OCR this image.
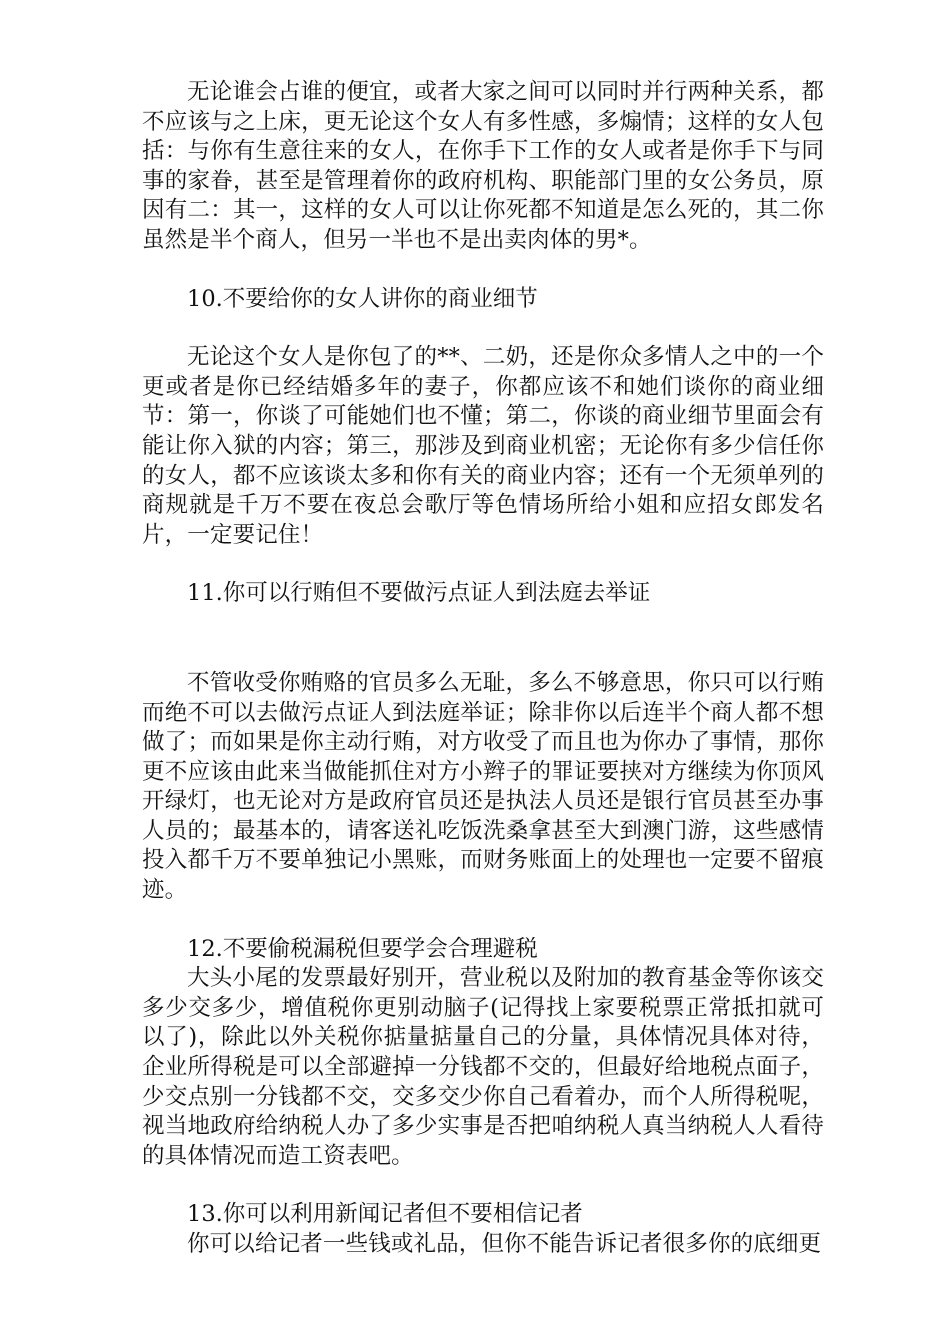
无论谁会占谁的便宜，或者大家之间可以同时并行两种关系，都不应该与之上床，更无论这个女人有多性感，多煽情；这样的女人包括：与你有生意往来的女人，在你手下工作的女人或者是你手下与同事的家眷，甚至是管理着你的政府机构、职能部门里的女公务员，原因有二：其一，这样的女人可以让你死都不知道是怎么死的，其二你虽然是半个商人，但另一半也不是出卖肉体的男*。

10.不要给你的女人讲你的商业细节

无论这个女人是你包了的**、二奶，还是你众多情人之中的一个更或者是你已经结婚多年的妻子，你都应该不和她们谈你的商业细节：第一，你谈了可能她们也不懂；第二，你谈的商业细节里面会有能让你入狱的内容；第三，那涉及到商业机密；无论你有多少信任你的女人，都不应该谈太多和你有关的商业内容；还有一个无须单列的商规就是千万不要在夜总会歌厅等色情场所给小姐和应招女郎发名片，一定要记住！

11.你可以行贿但不要做污点证人到法庭去举证

不管收受你贿赂的官员多么无耻，多么不够意思，你只可以行贿而绝不可以去做污点证人到法庭举证；除非你以后连半个商人都不想做了；而如果是你主动行贿，对方收受了而且也为你办了事情，那你更不应该由此来当做能抓住对方小辫子的罪证要挟对方继续为你顶风开绿灯，也无论对方是政府官员还是执法人员还是银行官员甚至办事人员的；最基本的，请客送礼吃饭洗桑拿甚至大到澳门游，这些感情投入都千万不要单独记小黑账，而财务账面上的处理也一定要不留痕迹。

12.不要偷税漏税但要学会合理避税

大头小尾的发票最好别开，营业税以及附加的教育基金等你该交多少交多少，增值税你更别动脑子(记得找上家要税票正常抵扣就可以了)，除此以外关税你掂量掂量自己的分量，具体情况具体对待，企业所得税是可以全部避掉一分钱都不交的，但最好给地税点面子，少交点别一分钱都不交，交多交少你自己看着办，而个人所得税呢，视当地政府给纳税人办了多少实事是否把咱纳税人真当纳税人人看待的具体情况而造工资表吧。

13.你可以利用新闻记者但不要相信记者

你可以给记者一些钱或礼品，但你不能告诉记者很多你的底细更
